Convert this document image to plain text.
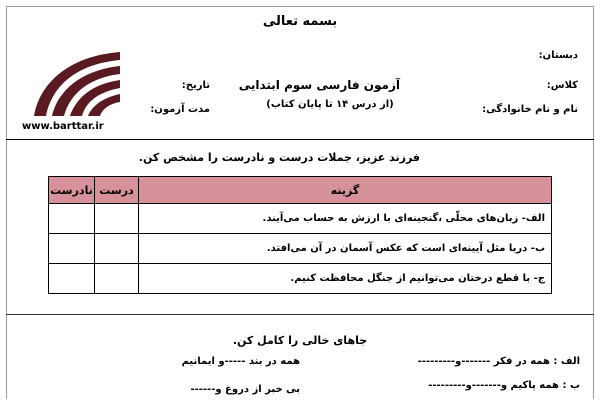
بسمه تعالی
دبستان:
کلاس:
نام و نام خانوادگی:
آزمون فارسی سوم ابتدایی
(از درس ۱۴ تا پایان کتاب)
تاریخ:
مدت آزمون:
www.barttar.ir
فرزند عزیز، جملات درست و نادرست را مشخص کن.
نادرست	درست	گزینه
		الف- زبان‌های محلّی ،گنجینه‌ای با ارزش به حساب می‌آیند.
		ب- دریا مثل آیینه‌ای است که عکس آسمان در آن می‌افتد.
		ج- با قطع درختان می‌توانیم از جنگل محافظت کنیم.
جاهای خالی را کامل کن.
الف : همه در فکر -------و---------
همه در بند -----و ایمانیم
ب : همه پاکیم و-------و---------
بی خبر از دروغ و------
